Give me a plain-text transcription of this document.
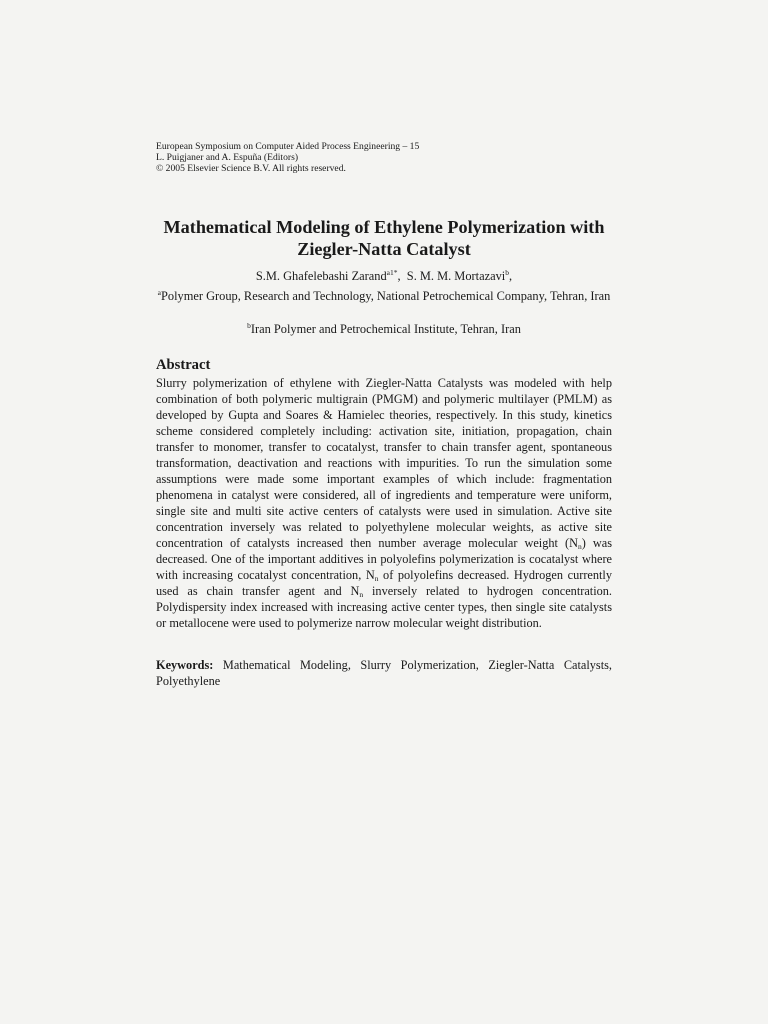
European Symposium on Computer Aided Process Engineering – 15
L. Puigjaner and A. Espuña (Editors)
© 2005 Elsevier Science B.V. All rights reserved.
Mathematical Modeling of Ethylene Polymerization with
Ziegler-Natta Catalyst
S.M. Ghafelebashi Zarand$^{a1*}$,  S. M. M. Mortazavi$^b$,
$^a$Polymer Group, Research and Technology, National Petrochemical Company, Tehran, Iran
$^b$Iran Polymer and Petrochemical Institute, Tehran, Iran
Abstract
Slurry polymerization of ethylene with Ziegler-Natta Catalysts was modeled with help combination of both polymeric multigrain (PMGM) and polymeric multilayer (PMLM) as developed by Gupta and Soares & Hamielec theories, respectively. In this study, kinetics scheme considered completely including: activation site, initiation, propagation, chain transfer to monomer, transfer to cocatalyst, transfer to chain transfer agent, spontaneous transformation, deactivation and reactions with impurities. To run the simulation some assumptions were made some important examples of which include: fragmentation phenomena in catalyst were considered, all of ingredients and temperature were uniform, single site and multi site active centers of catalysts were used in simulation. Active site concentration inversely was related to polyethylene molecular weights, as active site concentration of catalysts increased then number average molecular weight $(N_n)$ was decreased. One of the important additives in polyolefins polymerization is cocatalyst where with increasing cocatalyst concentration, $N_n$ of polyolefins decreased. Hydrogen currently used as chain transfer agent and $N_n$ inversely related to hydrogen concentration. Polydispersity index increased with increasing active center types, then single site catalysts or metallocene were used to polymerize narrow molecular weight distribution.
Keywords: Mathematical Modeling, Slurry Polymerization, Ziegler-Natta Catalysts, Polyethylene
